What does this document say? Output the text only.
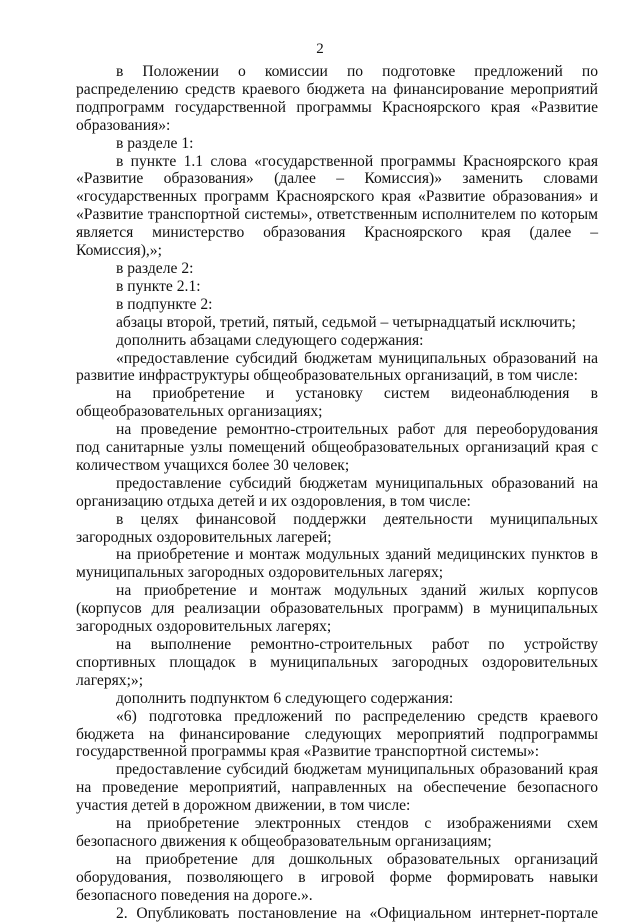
2

в Положении о комиссии по подготовке предложений по распределению средств краевого бюджета на финансирование мероприятий подпрограмм государственной программы Красноярского края «Развитие образования»:

в разделе 1:

в пункте 1.1 слова «государственной программы Красноярского края «Развитие образования» (далее – Комиссия)» заменить словами «государственных программ Красноярского края «Развитие образования» и «Развитие транспортной системы», ответственным исполнителем по которым является министерство образования Красноярского края (далее – Комиссия),»;

в разделе 2:

в пункте 2.1:

в подпункте 2:

абзацы второй, третий, пятый, седьмой – четырнадцатый исключить;

дополнить абзацами следующего содержания:

«предоставление субсидий бюджетам муниципальных образований на развитие инфраструктуры общеобразовательных организаций, в том числе:

на приобретение и установку систем видеонаблюдения в общеобразовательных организациях;

на проведение ремонтно-строительных работ для переоборудования под санитарные узлы помещений общеобразовательных организаций края с количеством учащихся более 30 человек;

предоставление субсидий бюджетам муниципальных образований на организацию отдыха детей и их оздоровления, в том числе:

в целях финансовой поддержки деятельности муниципальных загородных оздоровительных лагерей;

на приобретение и монтаж модульных зданий медицинских пунктов в муниципальных загородных оздоровительных лагерях;

на приобретение и монтаж модульных зданий жилых корпусов (корпусов для реализации образовательных программ) в муниципальных загородных оздоровительных лагерях;

на выполнение ремонтно-строительных работ по устройству спортивных площадок в муниципальных загородных оздоровительных лагерях;»;

дополнить подпунктом 6 следующего содержания:

«6) подготовка предложений по распределению средств краевого бюджета на финансирование следующих мероприятий подпрограммы государственной программы края «Развитие транспортной системы»:

предоставление субсидий бюджетам муниципальных образований края на проведение мероприятий, направленных на обеспечение безопасного участия детей в дорожном движении, в том числе:

на приобретение электронных стендов с изображениями схем безопасного движения к общеобразовательным организациям;

на приобретение для дошкольных образовательных организаций оборудования, позволяющего в игровой форме формировать навыки безопасного поведения на дороге.».

2. Опубликовать постановление на «Официальном интернет-портале
